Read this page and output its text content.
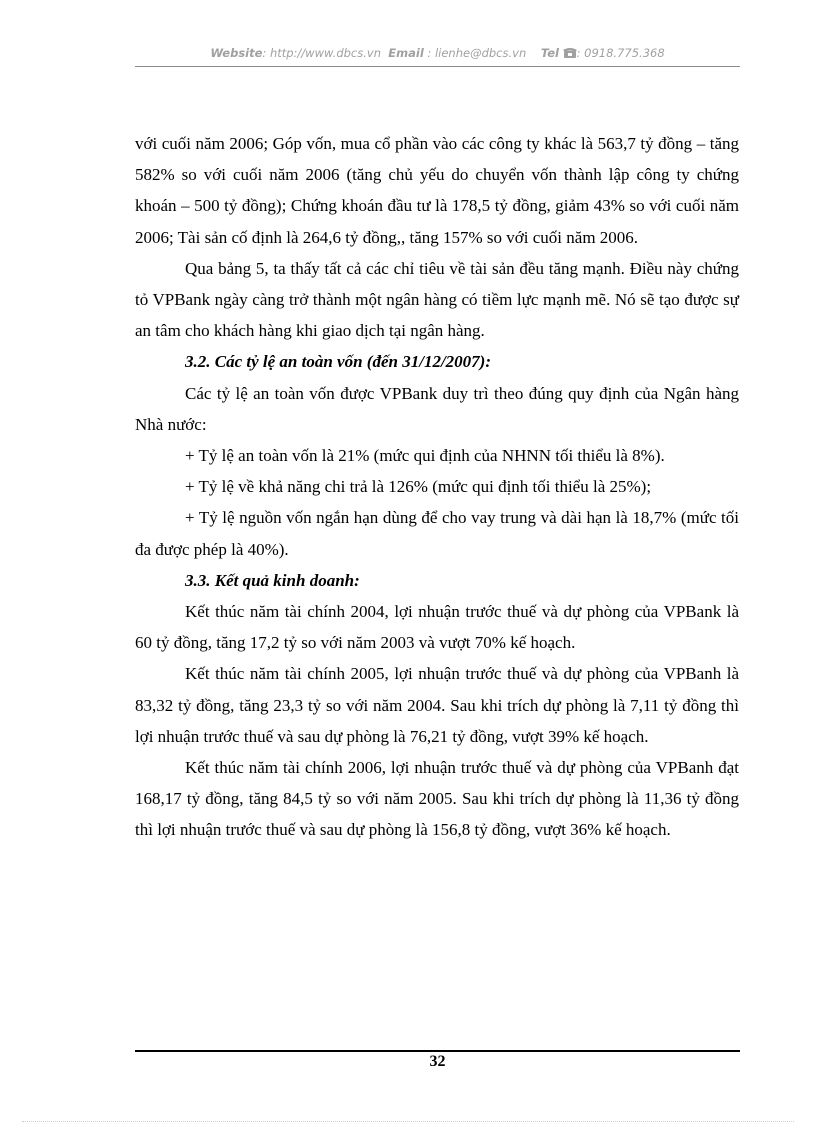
Website: http://www.dbcs.vn Email : lienhe@dbcs.vn Tel : 0918.775.368

với cuối năm 2006; Góp vốn, mua cổ phần vào các công ty khác là 563,7 tỷ đồng – tăng 582% so với cuối năm 2006 (tăng chủ yếu do chuyển vốn thành lập công ty chứng khoán – 500 tỷ đồng); Chứng khoán đầu tư là 178,5 tỷ đồng, giảm 43% so với cuối năm 2006; Tài sản cố định là 264,6 tỷ đồng,, tăng 157% so với cuối năm 2006.

Qua bảng 5, ta thấy tất cả các chỉ tiêu về tài sản đều tăng mạnh. Điều này chứng tỏ VPBank ngày càng trở thành một ngân hàng có tiềm lực mạnh mẽ. Nó sẽ tạo được sự an tâm cho khách hàng khi giao dịch tại ngân hàng.

3.2. Các tỷ lệ an toàn vốn (đến 31/12/2007):

Các tỷ lệ an toàn vốn được VPBank duy trì theo đúng quy định của Ngân hàng Nhà nước:

+ Tỷ lệ an toàn vốn là 21% (mức qui định của NHNN tối thiểu là 8%).

+ Tỷ lệ về khả năng chi trả là 126% (mức qui định tối thiểu là 25%);

+ Tỷ lệ nguồn vốn ngắn hạn dùng để cho vay trung và dài hạn là 18,7% (mức tối đa được phép là 40%).

3.3. Kết quả kinh doanh:

Kết thúc năm tài chính 2004, lợi nhuận trước thuế và dự phòng của VPBank là 60 tỷ đồng, tăng 17,2 tỷ so với năm 2003 và vượt 70% kế hoạch.

Kết thúc năm tài chính 2005, lợi nhuận trước thuế và dự phòng của VPBanh là 83,32 tỷ đồng, tăng 23,3 tỷ so với năm 2004. Sau khi trích dự phòng là 7,11 tỷ đồng thì lợi nhuận trước thuế và sau dự phòng là 76,21 tỷ đồng, vượt 39% kế hoạch.

Kết thúc năm tài chính 2006, lợi nhuận trước thuế và dự phòng của VPBanh đạt 168,17 tỷ đồng, tăng 84,5 tỷ so với năm 2005. Sau khi trích dự phòng là 11,36 tỷ đồng thì lợi nhuận trước thuế và sau dự phòng là 156,8 tỷ đồng, vượt 36% kế hoạch.

32
